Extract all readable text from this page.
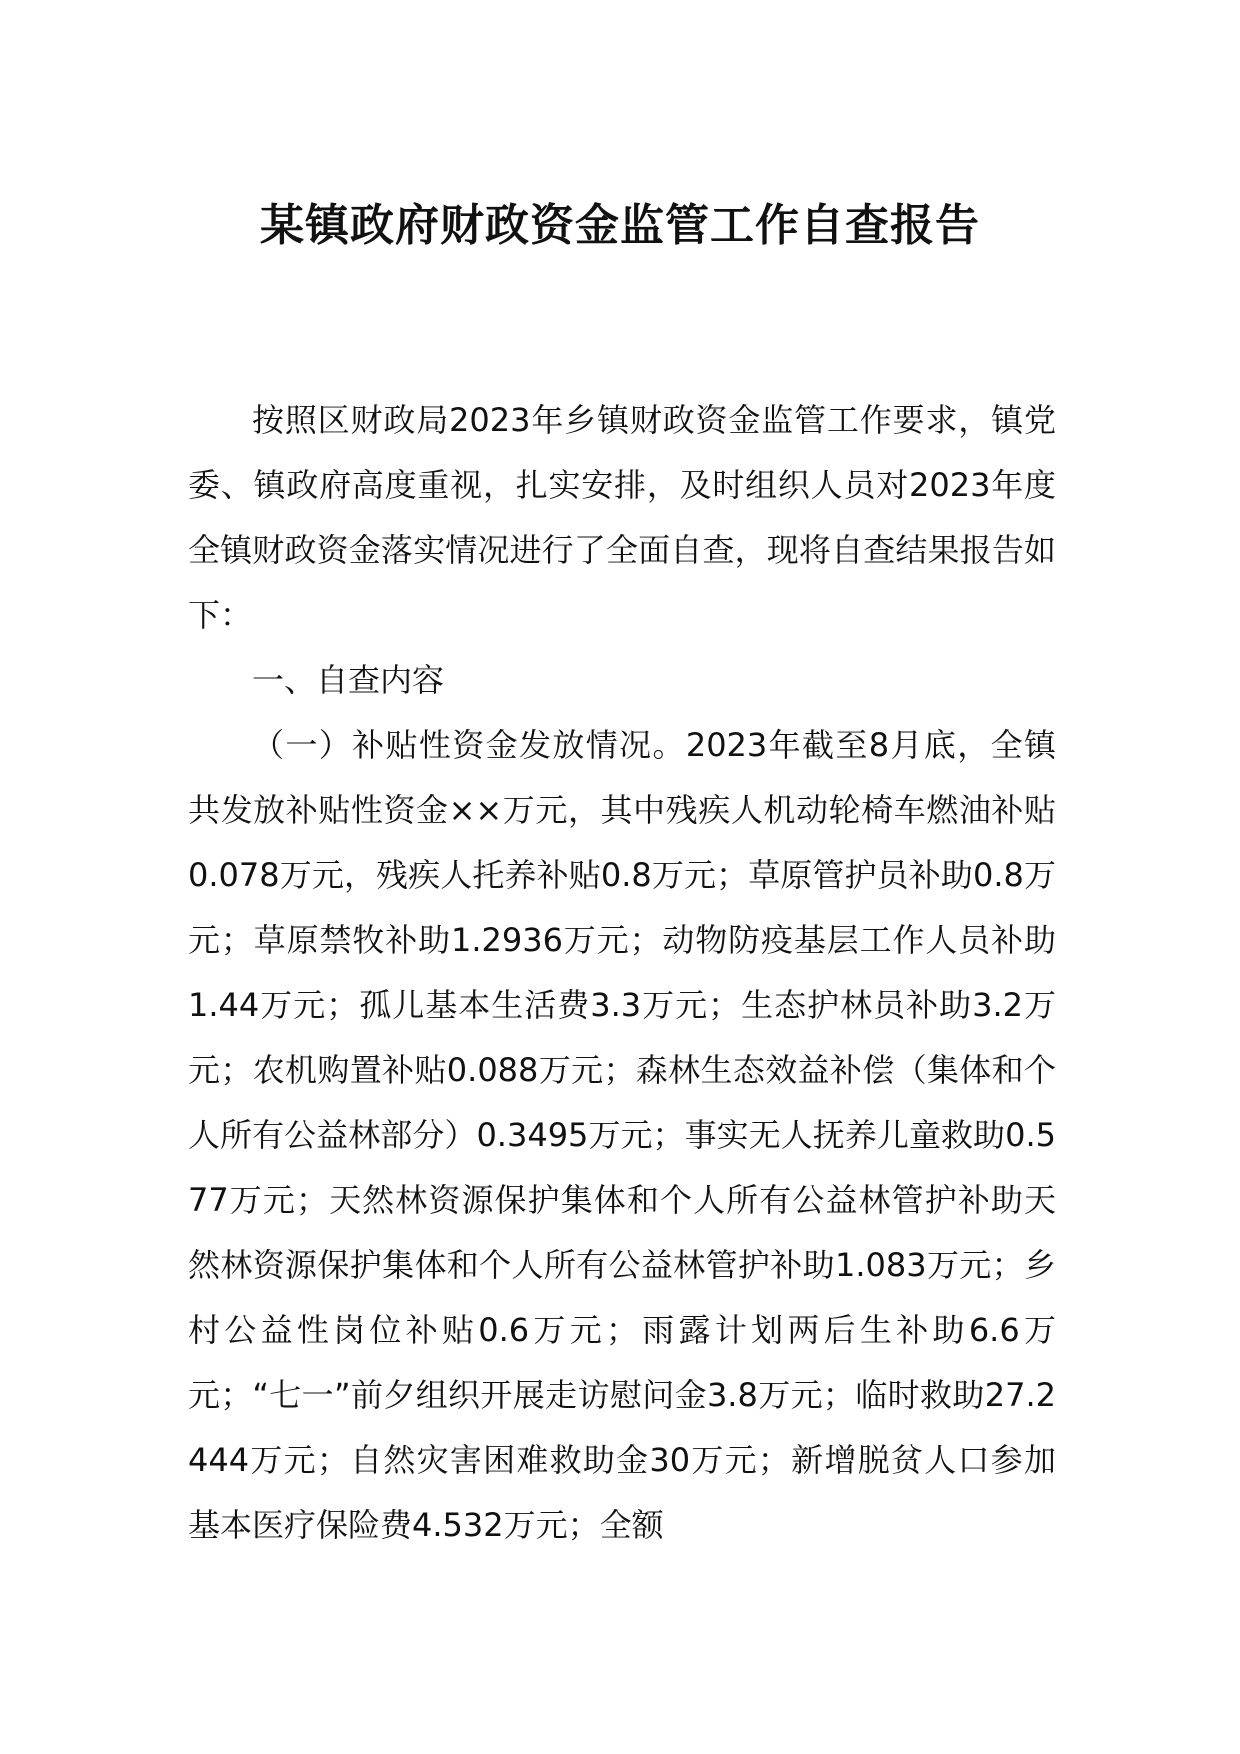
某镇政府财政资金监管工作自查报告

按照区财政局2023年乡镇财政资金监管工作要求，镇党委、镇政府高度重视，扎实安排，及时组织人员对2023年度全镇财政资金落实情况进行了全面自查，现将自查结果报告如下：

一、自查内容

（一）补贴性资金发放情况。2023年截至8月底，全镇共发放补贴性资金××万元，其中残疾人机动轮椅车燃油补贴0.078万元，残疾人托养补贴0.8万元；草原管护员补助0.8万元；草原禁牧补助1.2936万元；动物防疫基层工作人员补助1.44万元；孤儿基本生活费3.3万元；生态护林员补助3.2万元；农机购置补贴0.088万元；森林生态效益补偿（集体和个人所有公益林部分）0.3495万元；事实无人抚养儿童救助0.577万元；天然林资源保护集体和个人所有公益林管护补助天然林资源保护集体和个人所有公益林管护补助1.083万元；乡村公益性岗位补贴0.6万元；雨露计划两后生补助6.6万元；“七一”前夕组织开展走访慰问金3.8万元；临时救助27.2444万元；自然灾害困难救助金30万元；新增脱贫人口参加基本医疗保险费4.532万元；全额
